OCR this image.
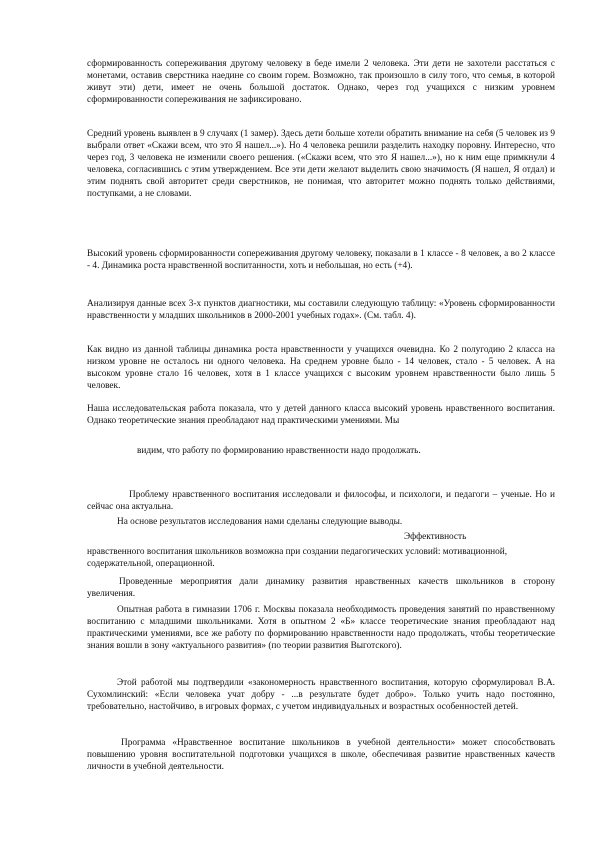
сформированность сопереживания другому человеку в беде имели 2 человека. Эти дети не захотели расстаться с монетами, оставив сверстника наедине со своим горем. Возможно, так произошло в силу того, что семья, в которой живут эти) дети, имеет не очень большой достаток. Однако, через год учащихся с низким уровнем сформированности сопереживания не зафиксировано.

Средний уровень выявлен в 9 случаях (1 замер). Здесь дети больше хотели обратить внимание на себя (5 человек из 9 выбрали ответ «Скажи всем, что это Я нашел...»). Но 4 человека решили разделить находку поровну. Интересно, что через год, 3 человека не изменили своего решения. («Скажи всем, что это Я нашел...»), но к ним еще примкнули 4 человека, согласившись с этим утверждением. Все эти дети желают выделить свою значимость (Я нашел, Я отдал) и этим поднять свой авторитет среди сверстников, не понимая, что авторитет можно поднять только действиями, поступками, а не словами.

Высокий уровень сформированности сопереживания другому человеку, показали в 1 классе - 8 человек, а во 2 классе - 4. Динамика роста нравственной воспитанности, хоть и небольшая, но есть (+4).

Анализируя данные всех 3-х пунктов диагностики, мы составили следующую таблицу: «Уровень сформированности нравственности у младших школьников в 2000-2001 учебных годах». (См. табл. 4).

Как видно из данной таблицы динамика роста нравственности у учащихся очевидна. Ко 2 полугодию 2 класса на низком уровне не осталось ни одного человека. На среднем уровне было - 14 человек, стало - 5 человек. А на высоком уровне стало 16 человек, хотя в 1 классе учащихся с высоким уровнем нравственности было лишь 5 человек.

Наша исследовательская работа показала, что у детей данного класса высокий уровень нравственного воспитания. Однако теоретические знания преобладают над практическими умениями. Мы

видим, что работу по формированию нравственности надо продолжать.

Проблему нравственного воспитания исследовали и философы, и психологи, и педагоги – ученые. Но и сейчас она актуальна.

На основе результатов исследования нами сделаны следующие выводы.

Эффективность

нравственного воспитания школьников возможна при создании педагогических условий: мотивационной, содержательной, операционной.

Проведенные мероприятия дали динамику развития нравственных качеств школьников в сторону увеличения.

Опытная работа в гимназии 1706 г. Москвы показала необходимость проведения занятий по нравственному воспитанию с младшими школьниками. Хотя в опытном 2 «Б» классе теоретические знания преобладают над практическими умениями, все же работу по формированию нравственности надо продолжать, чтобы теоретические знания вошли в зону «актуального развития» (по теории развития Выготского).

Этой работой мы подтвердили «закономерность нравственного воспитания, которую сформулировал В.А. Сухомлинский: «Если человека учат добру - ...в результате будет добро». Только учить надо постоянно, требовательно, настойчиво, в игровых формах, с учетом индивидуальных и возрастных особенностей детей.

Программа «Нравственное воспитание школьников в учебной деятельности» может способствовать повышению уровня воспитательной подготовки учащихся в школе, обеспечивая развитие нравственных качеств личности в учебной деятельности.
